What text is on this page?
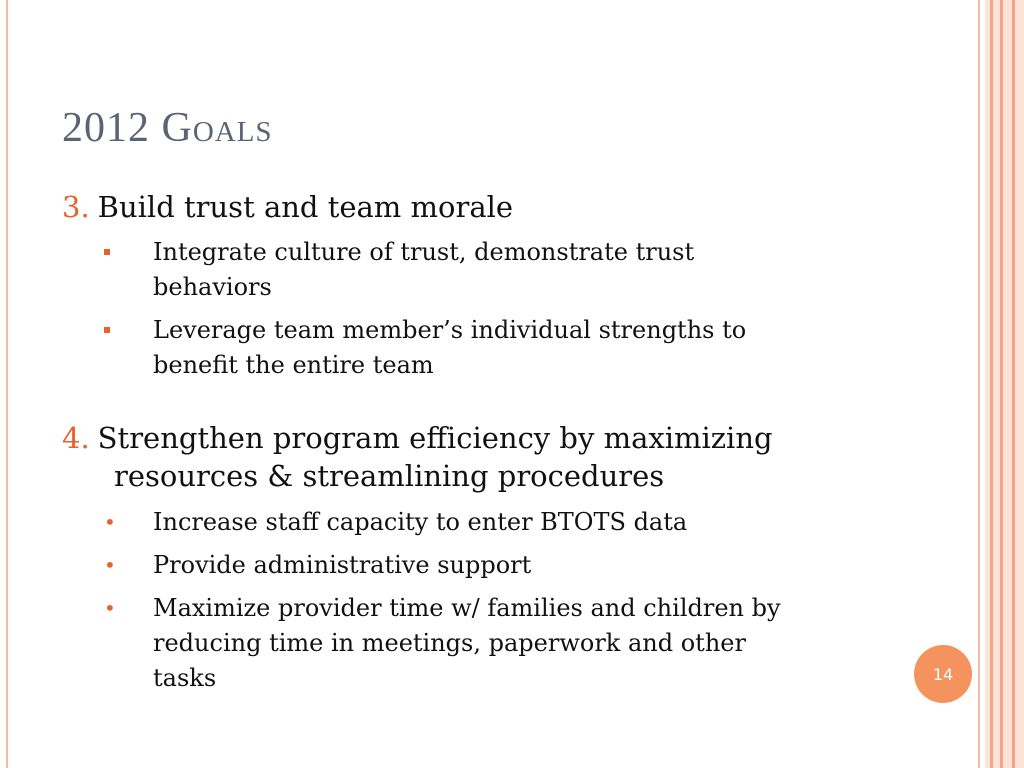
2012 Goals
3. Build trust and team morale
Integrate culture of trust, demonstrate trust
behaviors
Leverage team member’s individual strengths to
benefit the entire team
4. Strengthen program efficiency by maximizing
resources & streamlining procedures
• Increase staff capacity to enter BTOTS data
• Provide administrative support
• Maximize provider time w/ families and children by
reducing time in meetings, paperwork and other
tasks	14
